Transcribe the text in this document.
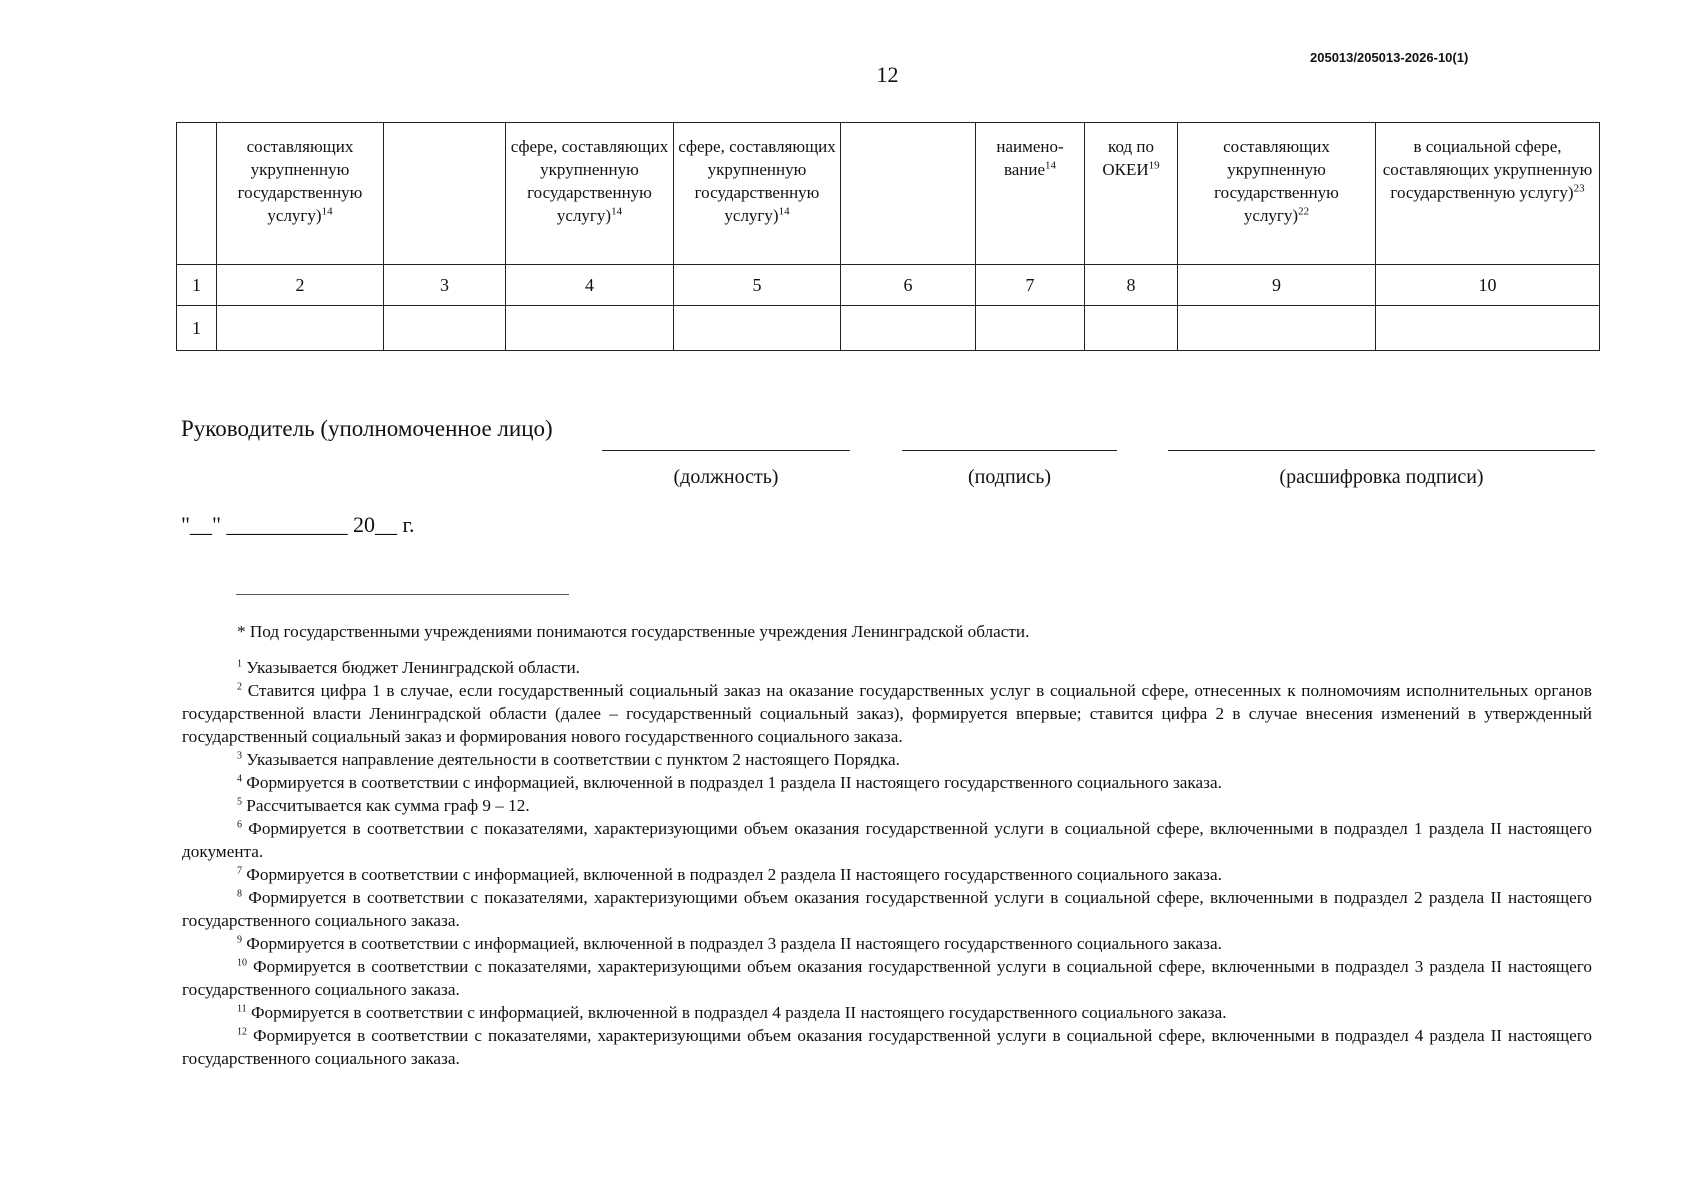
12
205013/205013-2026-10(1)
	составляющих укрупненную государственную услугу)$^{14}$		сфере, составляющих укрупненную государственную услугу)$^{14}$	сфере, составляющих укрупненную государственную услугу)$^{14}$		наимено-вание$^{14}$	код по ОКЕИ$^{19}$	составляющих укрупненную государственную услугу)$^{22}$	в социальной сфере, составляющих укрупненную государственную услугу)$^{23}$
1	2	3	4	5	6	7	8	9	10
1									
Руководитель (уполномоченное лицо)
(должность)	(подпись)	(расшифровка подписи)
"__" ___________ 20__ г.

* Под государственными учреждениями понимаются государственные учреждения Ленинградской области.

$^1$ Указывается бюджет Ленинградской области.

$^2$ Ставится цифра 1 в случае, если государственный социальный заказ на оказание государственных услуг в социальной сфере, отнесенных к полномочиям исполнительных органов государственной власти Ленинградской области (далее – государственный социальный заказ), формируется впервые; ставится цифра 2 в случае внесения изменений в утвержденный государственный социальный заказ и формирования нового государственного социального заказа.

$^3$ Указывается направление деятельности в соответствии с пунктом 2 настоящего Порядка.

$^4$ Формируется в соответствии с информацией, включенной в подраздел 1 раздела II настоящего государственного социального заказа.

$^5$ Рассчитывается как сумма граф 9 – 12.

$^6$ Формируется в соответствии с показателями, характеризующими объем оказания государственной услуги в социальной сфере, включенными в подраздел 1 раздела II настоящего документа.

$^7$ Формируется в соответствии с информацией, включенной в подраздел 2 раздела II настоящего государственного социального заказа.

$^8$ Формируется в соответствии с показателями, характеризующими объем оказания государственной услуги в социальной сфере, включенными в подраздел 2 раздела II настоящего государственного социального заказа.

$^9$ Формируется в соответствии с информацией, включенной в подраздел 3 раздела II настоящего государственного социального заказа.

$^{10}$ Формируется в соответствии с показателями, характеризующими объем оказания государственной услуги в социальной сфере, включенными в подраздел 3 раздела II настоящего государственного социального заказа.

$^{11}$ Формируется в соответствии с информацией, включенной в подраздел 4 раздела II настоящего государственного социального заказа.

$^{12}$ Формируется в соответствии с показателями, характеризующими объем оказания государственной услуги в социальной сфере, включенными в подраздел 4 раздела II настоящего государственного социального заказа.
